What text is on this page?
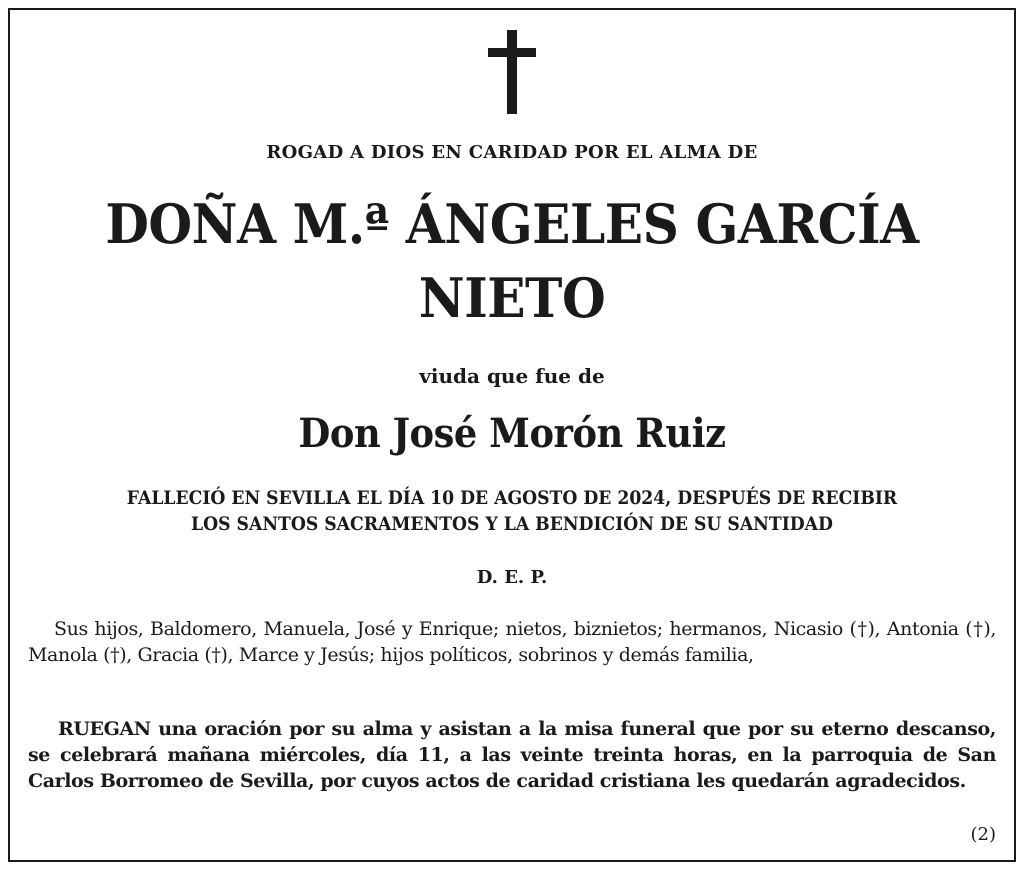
ROGAD A DIOS EN CARIDAD POR EL ALMA DE
DOÑA M.ª ÁNGELES GARCÍA
NIETO
viuda que fue de
Don José Morón Ruiz
FALLECIÓ EN SEVILLA EL DÍA 10 DE AGOSTO DE 2024, DESPUÉS DE RECIBIR
LOS SANTOS SACRAMENTOS Y LA BENDICIÓN DE SU SANTIDAD
D. E. P.
Sus hijos, Baldomero, Manuela, José y Enrique; nietos, biznietos; hermanos, Nicasio (†), Antonia (†), Manola (†), Gracia (†), Marce y Jesús; hijos políticos, sobrinos y demás familia,
RUEGAN una oración por su alma y asistan a la misa funeral que por su eterno descanso, se celebrará mañana miércoles, día 11, a las veinte treinta horas, en la parroquia de San Carlos Borromeo de Sevilla, por cuyos actos de caridad cristiana les quedarán agradecidos.
(2)
